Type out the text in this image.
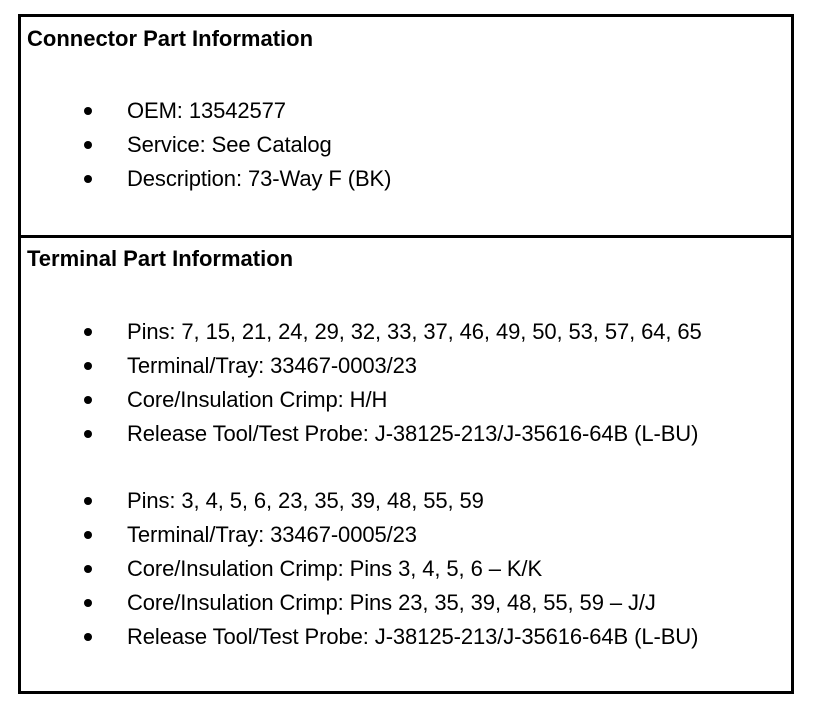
Connector Part Information
OEM: 13542577
Service: See Catalog
Description: 73-Way F (BK)
Terminal Part Information
Pins: 7, 15, 21, 24, 29, 32, 33, 37, 46, 49, 50, 53, 57, 64, 65
Terminal/Tray: 33467-0003/23
Core/Insulation Crimp: H/H
Release Tool/Test Probe: J-38125-213/J-35616-64B (L-BU)
Pins: 3, 4, 5, 6, 23, 35, 39, 48, 55, 59
Terminal/Tray: 33467-0005/23
Core/Insulation Crimp: Pins 3, 4, 5, 6 – K/K
Core/Insulation Crimp: Pins 23, 35, 39, 48, 55, 59 – J/J
Release Tool/Test Probe: J-38125-213/J-35616-64B (L-BU)
